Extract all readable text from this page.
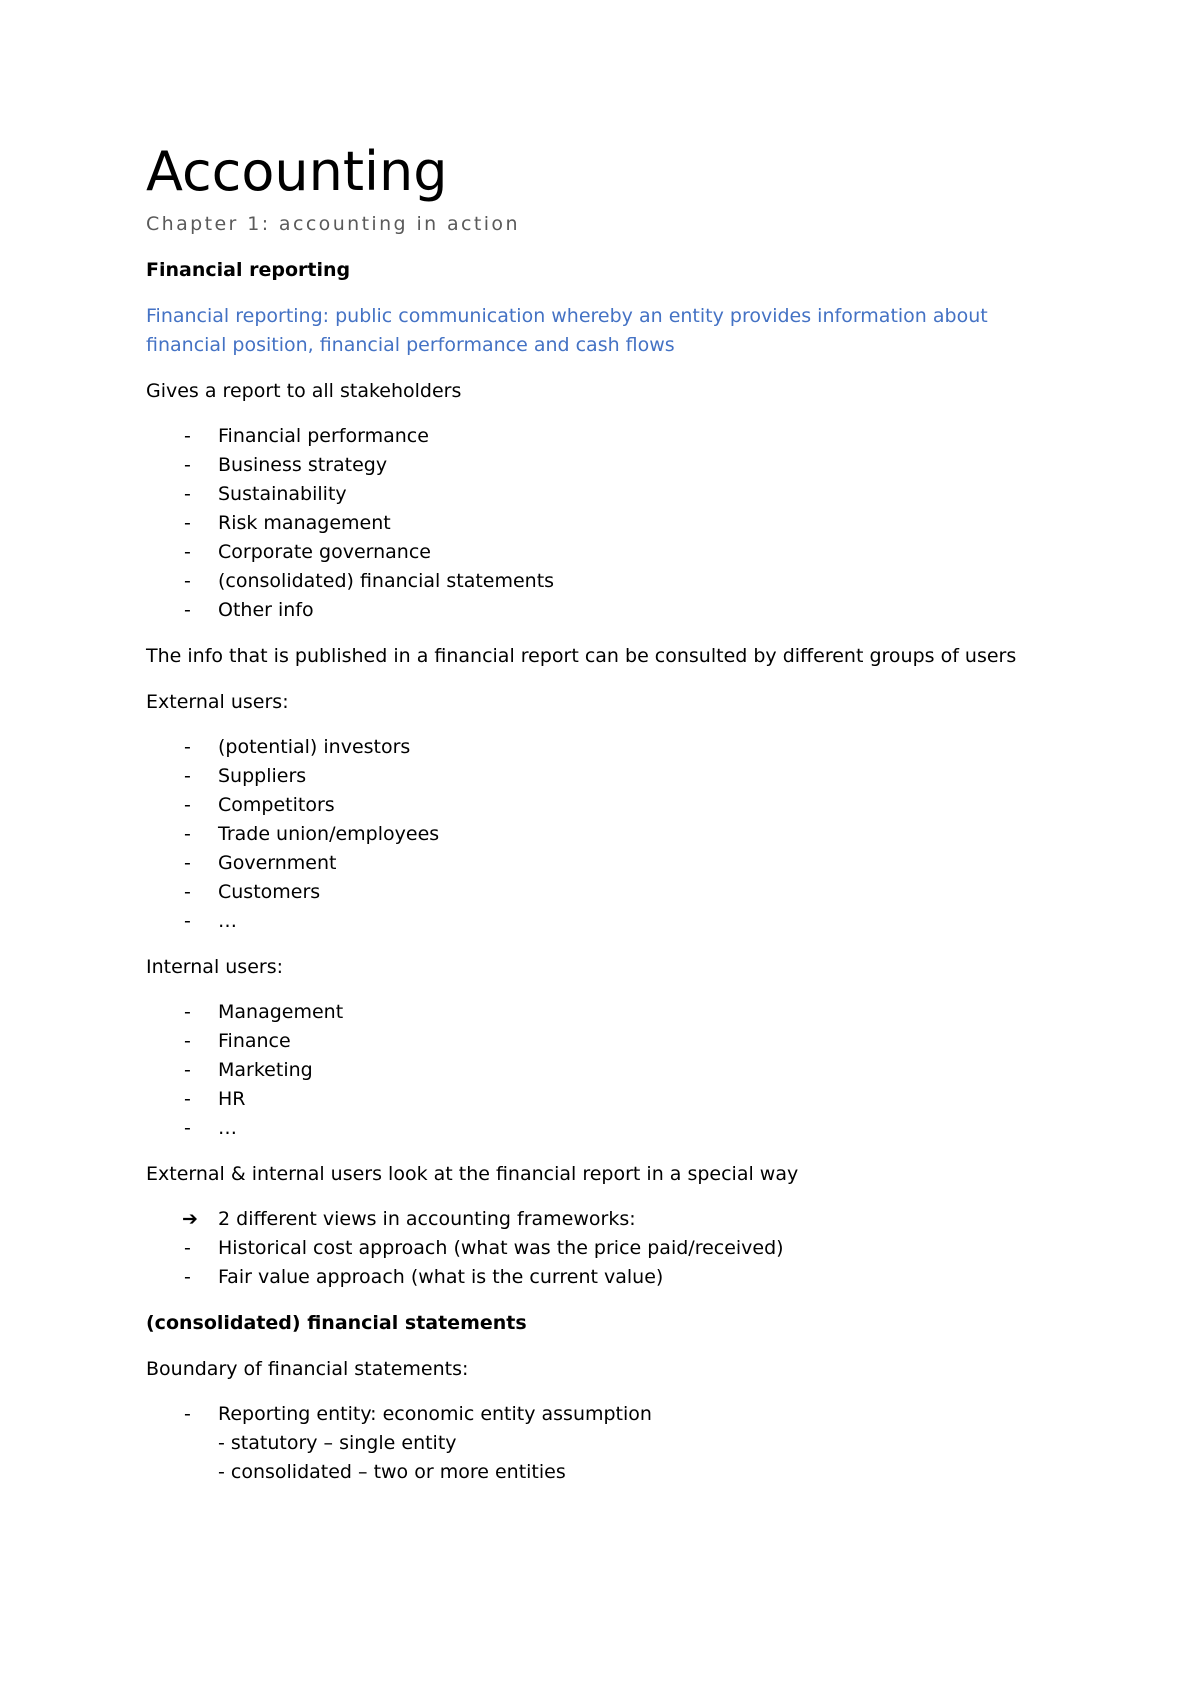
Accounting
Chapter 1: accounting in action

Financial reporting

Financial reporting: public communication whereby an entity provides information about financial position, financial performance and cash flows

Gives a report to all stakeholders

- Financial performance
- Business strategy
- Sustainability
- Risk management
- Corporate governance
- (consolidated) financial statements
- Other info

The info that is published in a financial report can be consulted by different groups of users

External users:

- (potential) investors
- Suppliers
- Competitors
- Trade union/employees
- Government
- Customers
- …

Internal users:

- Management
- Finance
- Marketing
- HR
- …

External & internal users look at the financial report in a special way

➔ 2 different views in accounting frameworks:
- Historical cost approach (what was the price paid/received)
- Fair value approach (what is the current value)

(consolidated) financial statements

Boundary of financial statements:

- Reporting entity: economic entity assumption
- statutory – single entity
- consolidated – two or more entities
